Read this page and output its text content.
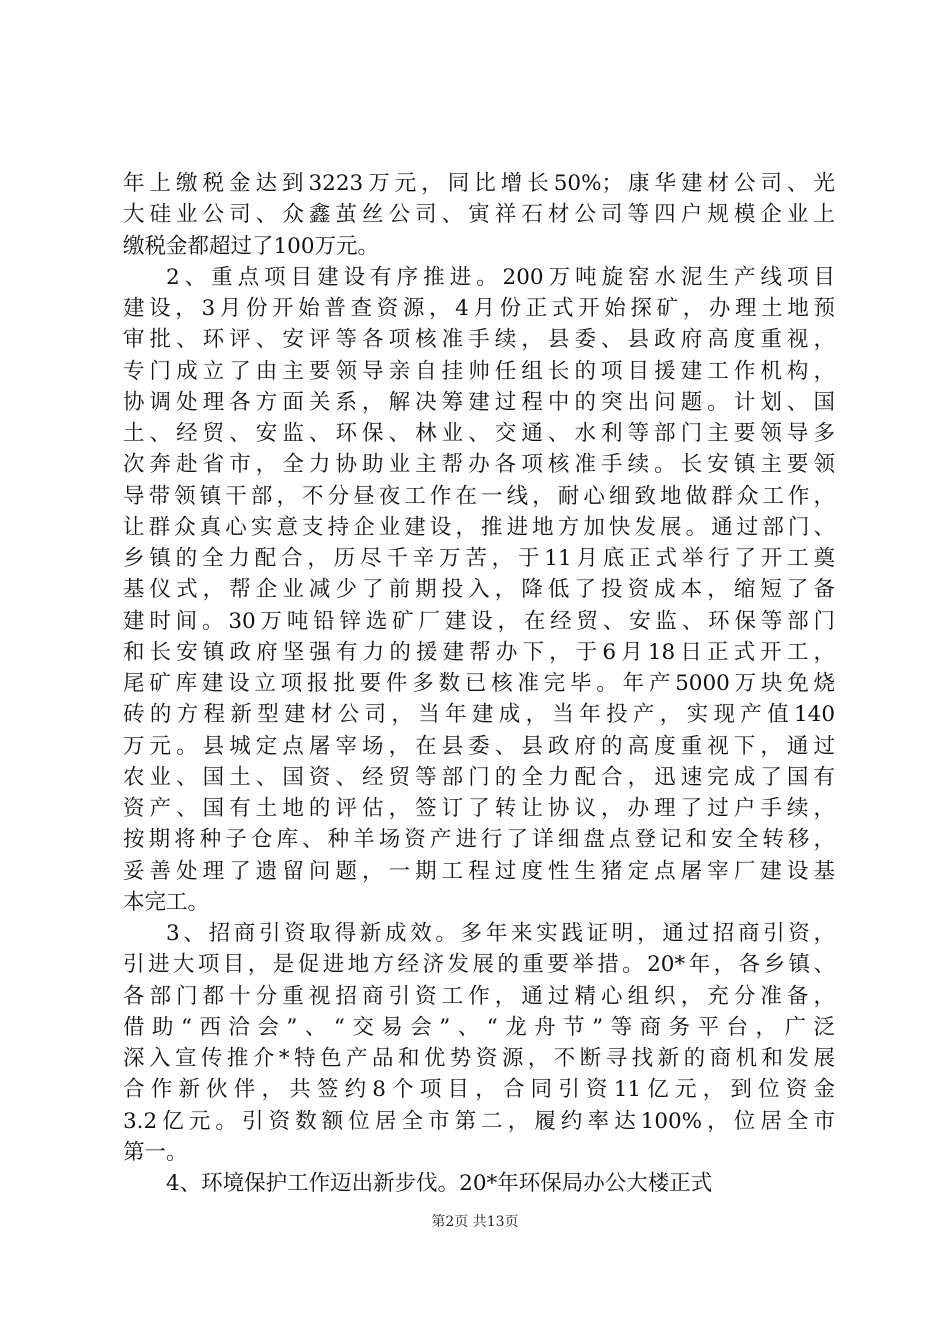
年上缴税金达到3223万元，同比增长50%；康华建材公司、光
大硅业公司、众鑫茧丝公司、寅祥石材公司等四户规模企业上
缴税金都超过了100万元。
2、重点项目建设有序推进。200万吨旋窑水泥生产线项目
建设，3月份开始普查资源，4月份正式开始探矿，办理土地预
审批、环评、安评等各项核准手续，县委、县政府高度重视，
专门成立了由主要领导亲自挂帅任组长的项目援建工作机构，
协调处理各方面关系，解决筹建过程中的突出问题。计划、国
土、经贸、安监、环保、林业、交通、水利等部门主要领导多
次奔赴省市，全力协助业主帮办各项核准手续。长安镇主要领
导带领镇干部，不分昼夜工作在一线，耐心细致地做群众工作，
让群众真心实意支持企业建设，推进地方加快发展。通过部门、
乡镇的全力配合，历尽千辛万苦，于11月底正式举行了开工奠
基仪式，帮企业减少了前期投入，降低了投资成本，缩短了备
建时间。30万吨铅锌选矿厂建设，在经贸、安监、环保等部门
和长安镇政府坚强有力的援建帮办下，于6月18日正式开工，
尾矿库建设立项报批要件多数已核准完毕。年产5000万块免烧
砖的方程新型建材公司，当年建成，当年投产，实现产值140
万元。县城定点屠宰场，在县委、县政府的高度重视下，通过
农业、国土、国资、经贸等部门的全力配合，迅速完成了国有
资产、国有土地的评估，签订了转让协议，办理了过户手续，
按期将种子仓库、种羊场资产进行了详细盘点登记和安全转移，
妥善处理了遗留问题，一期工程过度性生猪定点屠宰厂建设基
本完工。
3、招商引资取得新成效。多年来实践证明，通过招商引资，
引进大项目，是促进地方经济发展的重要举措。20*年，各乡镇、
各部门都十分重视招商引资工作，通过精心组织，充分准备，
借助“西洽会”、“交易会”、“龙舟节”等商务平台，广泛
深入宣传推介*特色产品和优势资源，不断寻找新的商机和发展
合作新伙伴，共签约8个项目，合同引资11亿元，到位资金
3.2亿元。引资数额位居全市第二，履约率达100%，位居全市
第一。
4、环境保护工作迈出新步伐。20*年环保局办公大楼正式
第2页 共13页
